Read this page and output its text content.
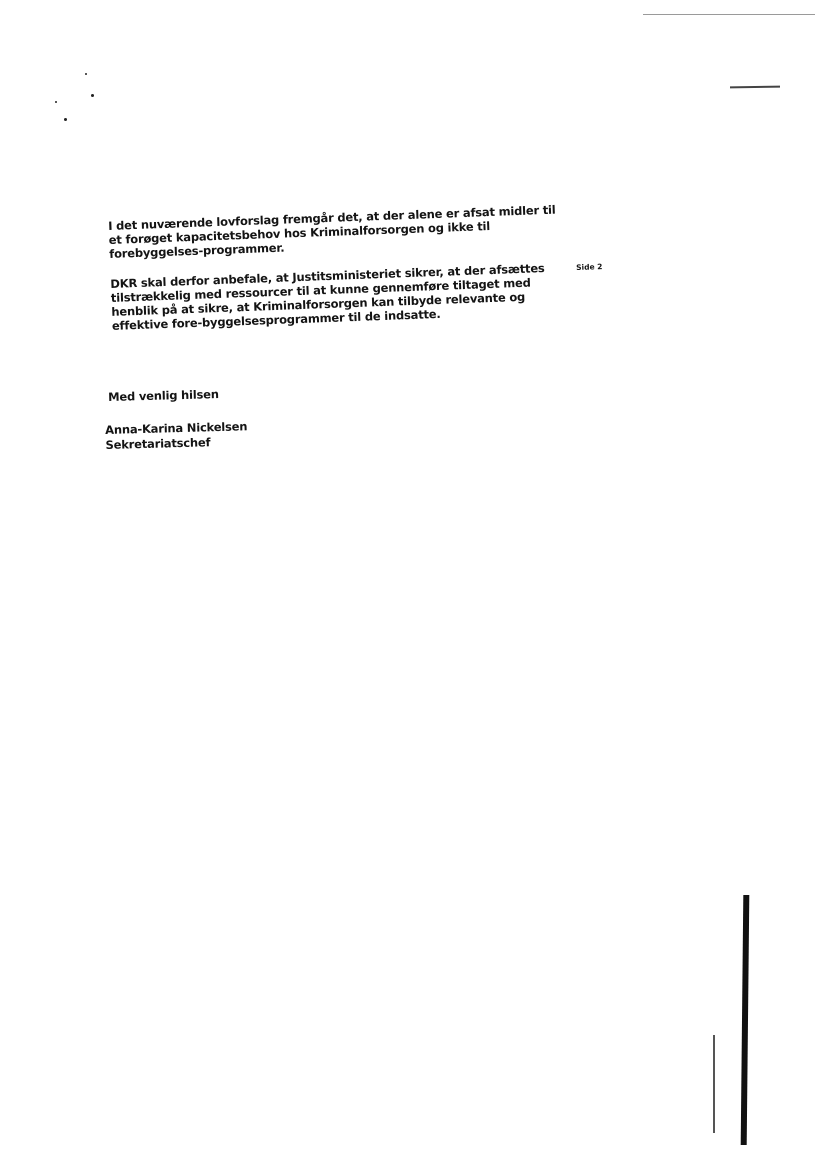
Side 2

I det nuværende lovforslag fremgår det, at der alene er afsat midler til et forøget kapacitetsbehov hos Kriminalforsorgen og ikke til forebyggelses-programmer.

DKR skal derfor anbefale, at Justitsministeriet sikrer, at der afsættes tilstrækkelig med ressourcer til at kunne gennemføre tiltaget med henblik på at sikre, at Kriminalforsorgen kan tilbyde relevante og effektive fore-byggelsesprogrammer til de indsatte.

Med venlig hilsen
Anna-Karina Nickelsen
Sekretariatschef
